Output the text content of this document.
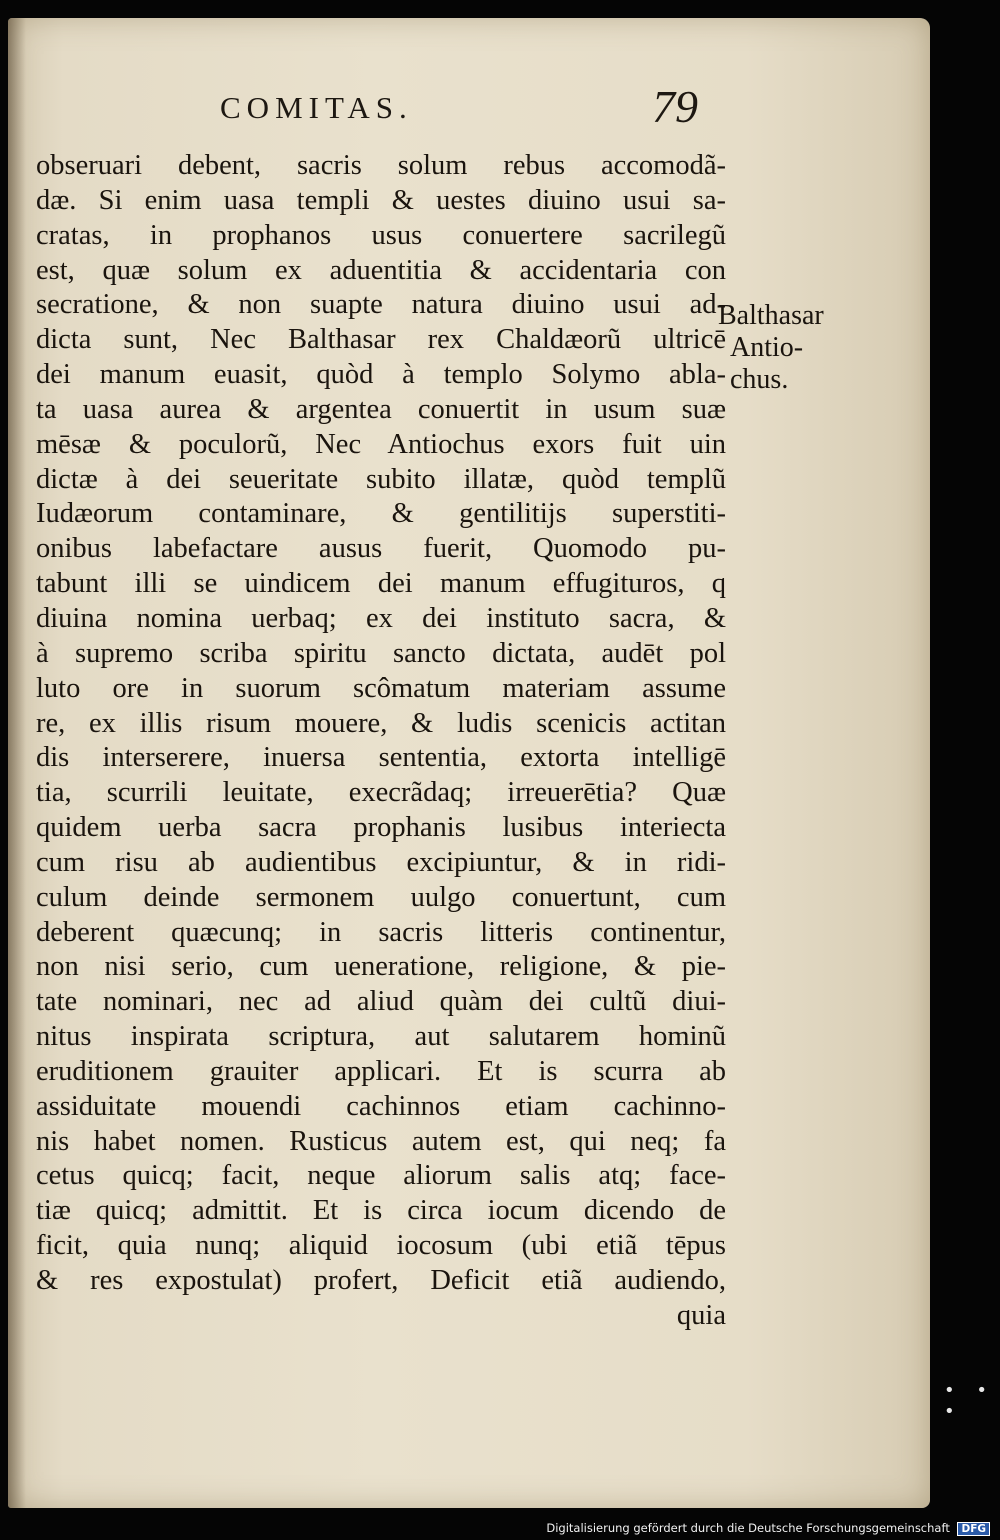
COMITAS.	79
obseruari debent, sacris solum rebus accomodã-
dæ. Si enim uasa templi & uestes diuino usui sa-
cratas, in prophanos usus conuertere sacrilegũ
est, quæ solum ex aduentitia & accidentaria con
secratione, & non suapte natura diuino usui ad-
dicta sunt, Nec Balthasar rex Chaldæorũ ultricē
dei manum euasit, quòd à templo Solymo abla-
ta uasa aurea & argentea conuertit in usum suæ
mēsæ & poculorũ, Nec Antiochus exors fuit uin
dictæ à dei seueritate subito illatæ, quòd templũ
Iudæorum contaminare, & gentilitijs superstiti-
onibus labefactare ausus fuerit, Quomodo pu-
tabunt illi se uindicem dei manum effugituros, q
diuina nomina uerbaq; ex dei instituto sacra, &
à supremo scriba spiritu sancto dictata, audēt pol
luto ore in suorum scômatum materiam assume
re, ex illis risum mouere, & ludis scenicis actitan
dis interserere, inuersa sententia, extorta intelligē
tia, scurrili leuitate, execrãdaq; irreuerētia? Quæ
quidem uerba sacra prophanis lusibus interiecta
cum risu ab audientibus excipiuntur, & in ridi-
culum deinde sermonem uulgo conuertunt, cum
deberent quæcunq; in sacris litteris continentur,
non nisi serio, cum ueneratione, religione, & pie-
tate nominari, nec ad aliud quàm dei cultũ diui-
nitus inspirata scriptura, aut salutarem hominũ
eruditionem grauiter applicari. Et is scurra ab
assiduitate mouendi cachinnos etiam cachinno-
nis habet nomen. Rusticus autem est, qui neq; fa
cetus quicq; facit, neque aliorum salis atq; face-
tiæ quicq; admittit. Et is circa iocum dicendo de
ficit, quia nunq; aliquid iocosum (ubi etiã tēpus
& res expostulat) profert, Deficit etiã audiendo,
quia
Balthasar
Antio-
chus.
• • •
Digitalisierung gefördert durch die Deutsche Forschungsgemeinschaft DFG
